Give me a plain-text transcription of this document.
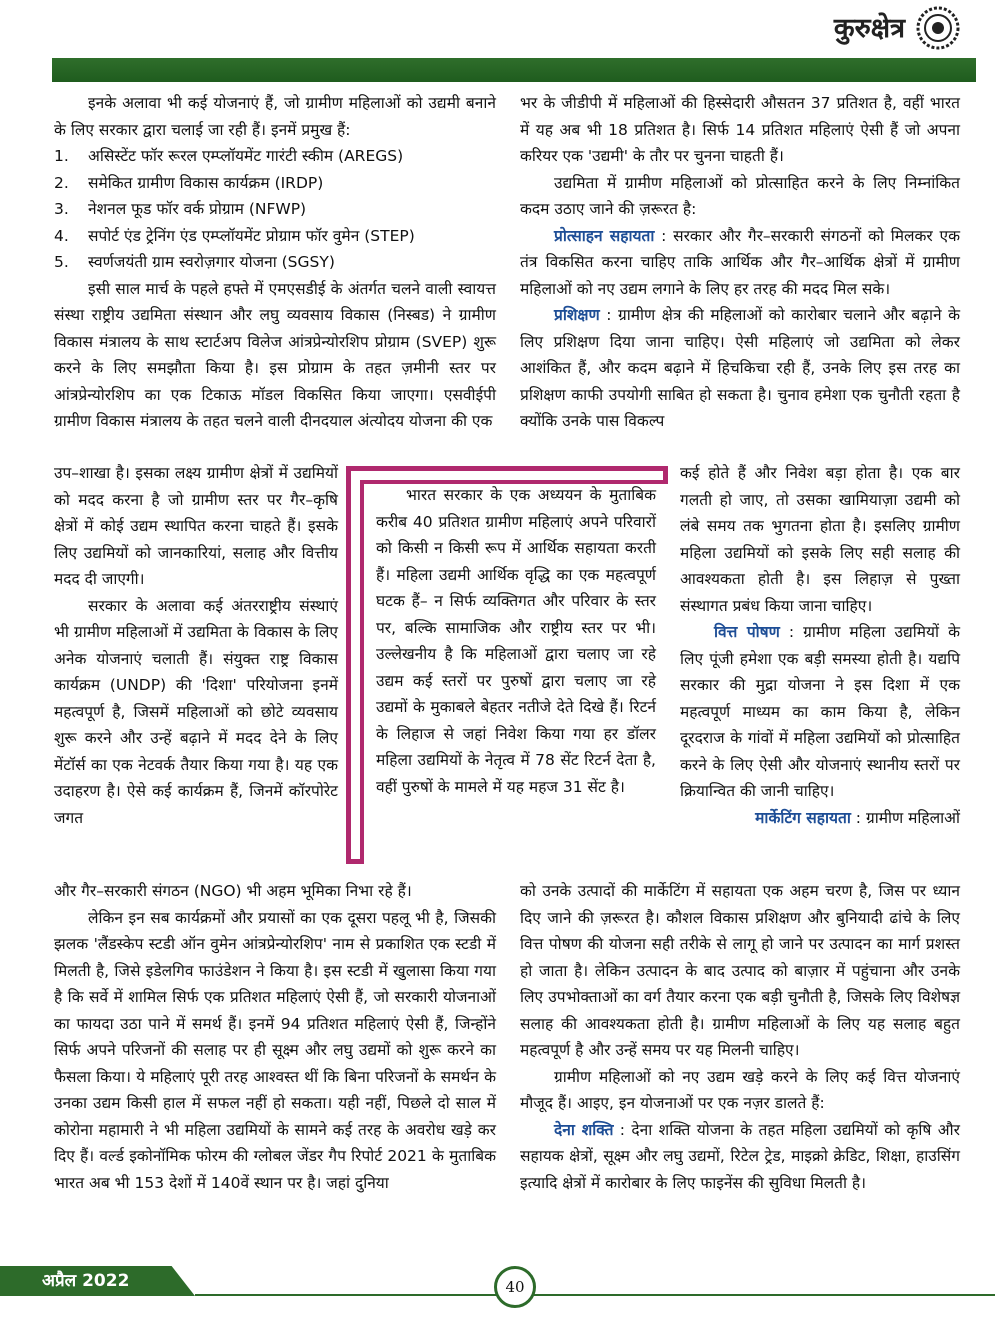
कुरुक्षेत्र

इनके अलावा भी कई योजनाएं हैं, जो ग्रामीण महिलाओं को उद्यमी बनाने के लिए सरकार द्वारा चलाई जा रही हैं। इनमें प्रमुख हैं:

1.	असिस्टेंट फॉर रूरल एम्प्लॉयमेंट गारंटी स्कीम (AREGS)
2.	समेकित ग्रामीण विकास कार्यक्रम (IRDP)
3.	नेशनल फूड फॉर वर्क प्रोग्राम (NFWP)
4.	सपोर्ट एंड ट्रेनिंग एंड एम्प्लॉयमेंट प्रोग्राम फॉर वुमेन (STEP)
5.	स्वर्णजयंती ग्राम स्वरोज़गार योजना (SGSY)

इसी साल मार्च के पहले हफ्ते में एमएसडीई के अंतर्गत चलने वाली स्वायत्त संस्था राष्ट्रीय उद्यमिता संस्थान और लघु व्यवसाय विकास (निस्बड) ने ग्रामीण विकास मंत्रालय के साथ स्टार्टअप विलेज आंत्रप्रेन्योरशिप प्रोग्राम (SVEP) शुरू करने के लिए समझौता किया है। इस प्रोग्राम के तहत ज़मीनी स्तर पर आंत्रप्रेन्योरशिप का एक टिकाऊ मॉडल विकसित किया जाएगा। एसवीईपी ग्रामीण विकास मंत्रालय के तहत चलने वाली दीनदयाल अंत्योदय योजना की एक

उप–शाखा है। इसका लक्ष्य ग्रामीण क्षेत्रों में उद्यमियों को मदद करना है जो ग्रामीण स्तर पर गैर–कृषि क्षेत्रों में कोई उद्यम स्थापित करना चाहते हैं। इसके लिए उद्यमियों को जानकारियां, सलाह और वित्तीय मदद दी जाएगी।

सरकार के अलावा कई अंतरराष्ट्रीय संस्थाएं भी ग्रामीण महिलाओं में उद्यमिता के विकास के लिए अनेक योजनाएं चलाती हैं। संयुक्त राष्ट्र विकास कार्यक्रम (UNDP) की 'दिशा' परियोजना इनमें महत्वपूर्ण है, जिसमें महिलाओं को छोटे व्यवसाय शुरू करने और उन्हें बढ़ाने में मदद देने के लिए मेंटॉर्स का एक नेटवर्क तैयार किया गया है। यह एक उदाहरण है। ऐसे कई कार्यक्रम हैं, जिनमें कॉरपोरेट जगत

और गैर–सरकारी संगठन (NGO) भी अहम भूमिका निभा रहे हैं।

लेकिन इन सब कार्यक्रमों और प्रयासों का एक दूसरा पहलू भी है, जिसकी झलक 'लैंडस्केप स्टडी ऑन वुमेन आंत्रप्रेन्योरशिप' नाम से प्रकाशित एक स्टडी में मिलती है, जिसे इडेलगिव फाउंडेशन ने किया है। इस स्टडी में खुलासा किया गया है कि सर्वे में शामिल सिर्फ एक प्रतिशत महिलाएं ऐसी हैं, जो सरकारी योजनाओं का फायदा उठा पाने में समर्थ हैं। इनमें 94 प्रतिशत महिलाएं ऐसी हैं, जिन्होंने सिर्फ अपने परिजनों की सलाह पर ही सूक्ष्म और लघु उद्यमों को शुरू करने का फैसला किया। ये महिलाएं पूरी तरह आश्वस्त थीं कि बिना परिजनों के समर्थन के उनका उद्यम किसी हाल में सफल नहीं हो सकता। यही नहीं, पिछले दो साल में कोरोना महामारी ने भी महिला उद्यमियों के सामने कई तरह के अवरोध खड़े कर दिए हैं। वर्ल्ड इकोनॉमिक फोरम की ग्लोबल जेंडर गैप रिपोर्ट 2021 के मुताबिक भारत अब भी 153 देशों में 140वें स्थान पर है। जहां दुनिया

भर के जीडीपी में महिलाओं की हिस्सेदारी औसतन 37 प्रतिशत है, वहीं भारत में यह अब भी 18 प्रतिशत है। सिर्फ 14 प्रतिशत महिलाएं ऐसी हैं जो अपना करियर एक 'उद्यमी' के तौर पर चुनना चाहती हैं।

उद्यमिता में ग्रामीण महिलाओं को प्रोत्साहित करने के लिए निम्नांकित कदम उठाए जाने की ज़रूरत है:

प्रोत्साहन सहायता : सरकार और गैर–सरकारी संगठनों को मिलकर एक तंत्र विकसित करना चाहिए ताकि आर्थिक और गैर–आर्थिक क्षेत्रों में ग्रामीण महिलाओं को नए उद्यम लगाने के लिए हर तरह की मदद मिल सके।

प्रशिक्षण : ग्रामीण क्षेत्र की महिलाओं को कारोबार चलाने और बढ़ाने के लिए प्रशिक्षण दिया जाना चाहिए। ऐसी महिलाएं जो उद्यमिता को लेकर आशंकित हैं, और कदम बढ़ाने में हिचकिचा रही हैं, उनके लिए इस तरह का प्रशिक्षण काफी उपयोगी साबित हो सकता है। चुनाव हमेशा एक चुनौती रहता है क्योंकि उनके पास विकल्प

कई होते हैं और निवेश बड़ा होता है। एक बार गलती हो जाए, तो उसका खामियाज़ा उद्यमी को लंबे समय तक भुगतना होता है। इसलिए ग्रामीण महिला उद्यमियों को इसके लिए सही सलाह की आवश्यकता होती है। इस लिहाज़ से पुख्ता संस्थागत प्रबंध किया जाना चाहिए।

वित्त पोषण : ग्रामीण महिला उद्यमियों के लिए पूंजी हमेशा एक बड़ी समस्या होती है। यद्यपि सरकार की मुद्रा योजना ने इस दिशा में एक महत्वपूर्ण माध्यम का काम किया है, लेकिन दूरदराज के गांवों में महिला उद्यमियों को प्रोत्साहित करने के लिए ऐसी और योजनाएं स्थानीय स्तरों पर क्रियान्वित की जानी चाहिए।

मार्केटिंग सहायता : ग्रामीण महिलाओं

को उनके उत्पादों की मार्केटिंग में सहायता एक अहम चरण है, जिस पर ध्यान दिए जाने की ज़रूरत है। कौशल विकास प्रशिक्षण और बुनियादी ढांचे के लिए वित्त पोषण की योजना सही तरीके से लागू हो जाने पर उत्पादन का मार्ग प्रशस्त हो जाता है। लेकिन उत्पादन के बाद उत्पाद को बाज़ार में पहुंचाना और उनके लिए उपभोक्ताओं का वर्ग तैयार करना एक बड़ी चुनौती है, जिसके लिए विशेषज्ञ सलाह की आवश्यकता होती है। ग्रामीण महिलाओं के लिए यह सलाह बहुत महत्वपूर्ण है और उन्हें समय पर यह मिलनी चाहिए।

ग्रामीण महिलाओं को नए उद्यम खड़े करने के लिए कई वित्त योजनाएं मौजूद हैं। आइए, इन योजनाओं पर एक नज़र डालते हैं:

देना शक्ति : देना शक्ति योजना के तहत महिला उद्यमियों को कृषि और सहायक क्षेत्रों, सूक्ष्म और लघु उद्यमों, रिटेल ट्रेड, माइक्रो क्रेडिट, शिक्षा, हाउसिंग इत्यादि क्षेत्रों में कारोबार के लिए फाइनेंस की सुविधा मिलती है।

भारत सरकार के एक अध्ययन के मुताबिक करीब 40 प्रतिशत ग्रामीण महिलाएं अपने परिवारों को किसी न किसी रूप में आर्थिक सहायता करती हैं। महिला उद्यमी आर्थिक वृद्धि का एक महत्वपूर्ण घटक हैं– न सिर्फ व्यक्तिगत और परिवार के स्तर पर, बल्कि सामाजिक और राष्ट्रीय स्तर पर भी। उल्लेखनीय है कि महिलाओं द्वारा चलाए जा रहे उद्यम कई स्तरों पर पुरुषों द्वारा चलाए जा रहे उद्यमों के मुकाबले बेहतर नतीजे देते दिखे हैं। रिटर्न के लिहाज से जहां निवेश किया गया हर डॉलर महिला उद्यमियों के नेतृत्व में 78 सेंट रिटर्न देता है, वहीं पुरुषों के मामले में यह महज 31 सेंट है।
अप्रैल 2022	40
